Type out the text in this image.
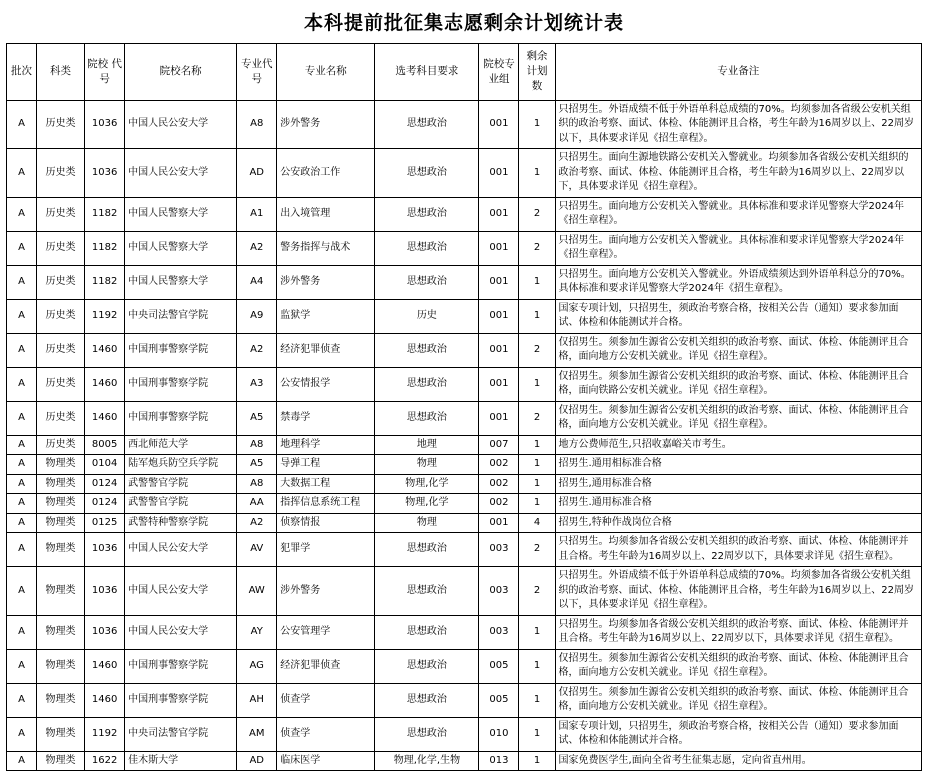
本科提前批征集志愿剩余计划统计表
批次	科类	院校 代号	院校名称	专业代号	专业名称	选考科目要求	院校专业组	剩余计划数	专业备注
A	历史类	1036	中国人民公安大学	A8	涉外警务	思想政治	001	1	只招男生。外语成绩不低于外语单科总成绩的70%。均须参加各省级公安机关组织的政治考察、面试、体检、体能测评且合格，考生年龄为16周岁以上、22周岁以下，具体要求详见《招生章程》。
A	历史类	1036	中国人民公安大学	AD	公安政治工作	思想政治	001	1	只招男生。面向生源地铁路公安机关入警就业。均须参加各省级公安机关组织的政治考察、面试、体检、体能测评且合格，考生年龄为16周岁以上、22周岁以下，具体要求详见《招生章程》。
A	历史类	1182	中国人民警察大学	A1	出入境管理	思想政治	001	2	只招男生。面向地方公安机关入警就业。具体标准和要求详见警察大学2024年《招生章程》。
A	历史类	1182	中国人民警察大学	A2	警务指挥与战术	思想政治	001	2	只招男生。面向地方公安机关入警就业。具体标准和要求详见警察大学2024年《招生章程》。
A	历史类	1182	中国人民警察大学	A4	涉外警务	思想政治	001	1	只招男生。面向地方公安机关入警就业。外语成绩须达到外语单科总分的70%。具体标准和要求详见警察大学2024年《招生章程》。
A	历史类	1192	中央司法警官学院	A9	监狱学	历史	001	1	国家专项计划，只招男生，须政治考察合格，按相关公告（通知）要求参加面试、体检和体能测试并合格。
A	历史类	1460	中国刑事警察学院	A2	经济犯罪侦查	思想政治	001	2	仅招男生。须参加生源省公安机关组织的政治考察、面试、体检、体能测评且合格，面向地方公安机关就业。详见《招生章程》。
A	历史类	1460	中国刑事警察学院	A3	公安情报学	思想政治	001	1	仅招男生。须参加生源省公安机关组织的政治考察、面试、体检、体能测评且合格，面向铁路公安机关就业。详见《招生章程》。
A	历史类	1460	中国刑事警察学院	A5	禁毒学	思想政治	001	2	仅招男生。须参加生源省公安机关组织的政治考察、面试、体检、体能测评且合格，面向地方公安机关就业。详见《招生章程》。
A	历史类	8005	西北师范大学	A8	地理科学	地理	007	1	地方公费师范生,只招收嘉峪关市考生。
A	物理类	0104	陆军炮兵防空兵学院	A5	导弹工程	物理	002	1	招男生.通用相标准合格
A	物理类	0124	武警警官学院	A8	大数据工程	物理,化学	002	1	招男生,通用标准合格
A	物理类	0124	武警警官学院	AA	指挥信息系统工程	物理,化学	002	1	招男生.通用标准合格
A	物理类	0125	武警特种警察学院	A2	侦察情报	物理	001	4	招男生,特种作战岗位合格
A	物理类	1036	中国人民公安大学	AV	犯罪学	思想政治	003	2	只招男生。均须参加各省级公安机关组织的政治考察、面试、体检、体能测评并且合格。考生年龄为16周岁以上、22周岁以下，具体要求详见《招生章程》。
A	物理类	1036	中国人民公安大学	AW	涉外警务	思想政治	003	2	只招男生。外语成绩不低于外语单科总成绩的70%。均须参加各省级公安机关组织的政治考察、面试、体检、体能测评且合格，考生年龄为16周岁以上、22周岁以下，具体要求详见《招生章程》。
A	物理类	1036	中国人民公安大学	AY	公安管理学	思想政治	003	1	只招男生。均须参加各省级公安机关组织的政治考察、面试、体检、体能测评并且合格。考生年龄为16周岁以上、22周岁以下，具体要求详见《招生章程》。
A	物理类	1460	中国刑事警察学院	AG	经济犯罪侦查	思想政治	005	1	仅招男生。须参加生源省公安机关组织的政治考察、面试、体检、体能测评且合格，面向地方公安机关就业。详见《招生章程》。
A	物理类	1460	中国刑事警察学院	AH	侦查学	思想政治	005	1	仅招男生。须参加生源省公安机关组织的政治考察、面试、体检、体能测评且合格，面向地方公安机关就业。详见《招生章程》。
A	物理类	1192	中央司法警官学院	AM	侦查学	思想政治	010	1	国家专项计划，只招男生，须政治考察合格，按相关公告（通知）要求参加面试、体检和体能测试并合格。
A	物理类	1622	佳木斯大学	AD	临床医学	物理,化学,生物	013	1	国家免费医学生,面向全省考生征集志愿，定向省直州用。
